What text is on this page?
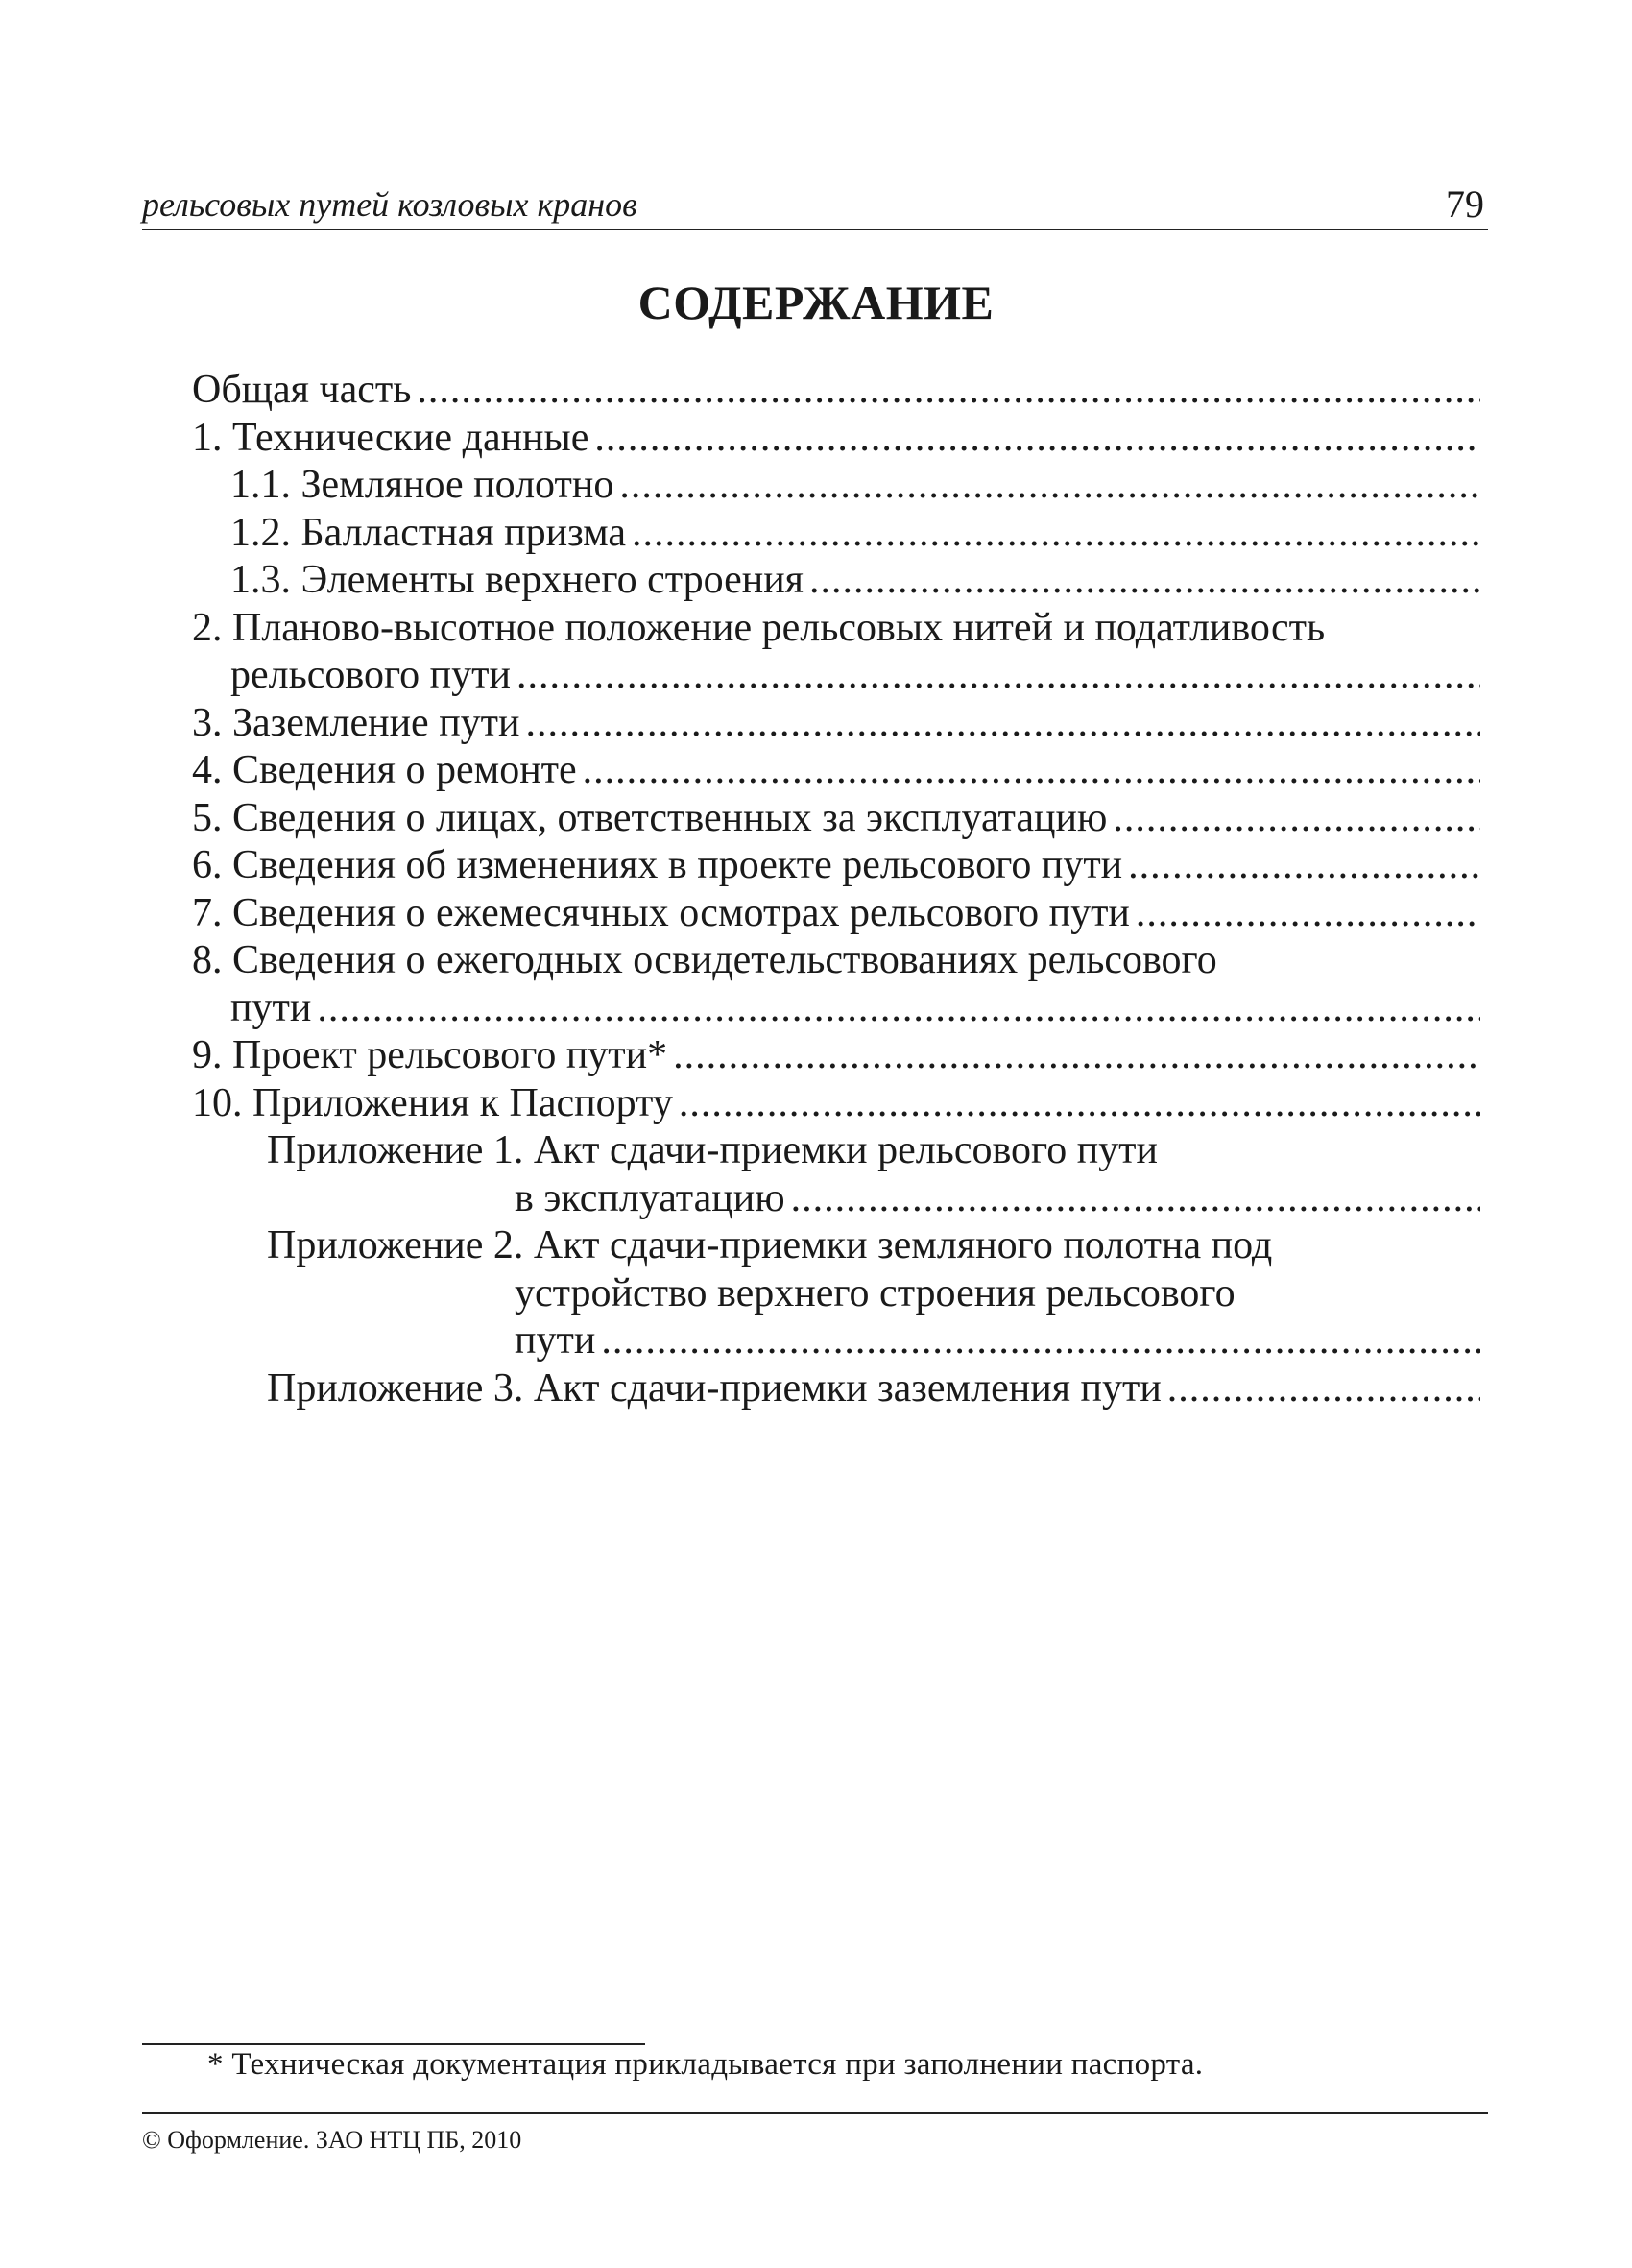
рельсовых путей козловых кранов	79
СОДЕРЖАНИЕ
Общая часть
.....
1. Технические данные
.....
1.1. Земляное полотно
.....
1.2. Балластная призма
.....
1.3. Элементы верхнего строения
.....
2. Планово-высотное положение рельсовых нитей и податливость
рельсового пути
.....
3. Заземление пути
.....
4. Сведения о ремонте
.....
5. Сведения о лицах, ответственных за эксплуатацию
.....
6. Сведения об изменениях в проекте рельсового пути
.....
7. Сведения о ежемесячных осмотрах рельсового пути
.....
8. Сведения о ежегодных освидетельствованиях рельсового
пути
.....
9. Проект рельсового пути*
.....
10. Приложения к Паспорту
.....
Приложение 1. Акт сдачи-приемки рельсового пути
в эксплуатацию
.....
Приложение 2. Акт сдачи-приемки земляного полотна под
устройство верхнего строения рельсового
пути
.....
Приложение 3. Акт сдачи-приемки заземления пути
.....
* Техническая документация прикладывается при заполнении паспорта.
© Оформление. ЗАО НТЦ ПБ, 2010
